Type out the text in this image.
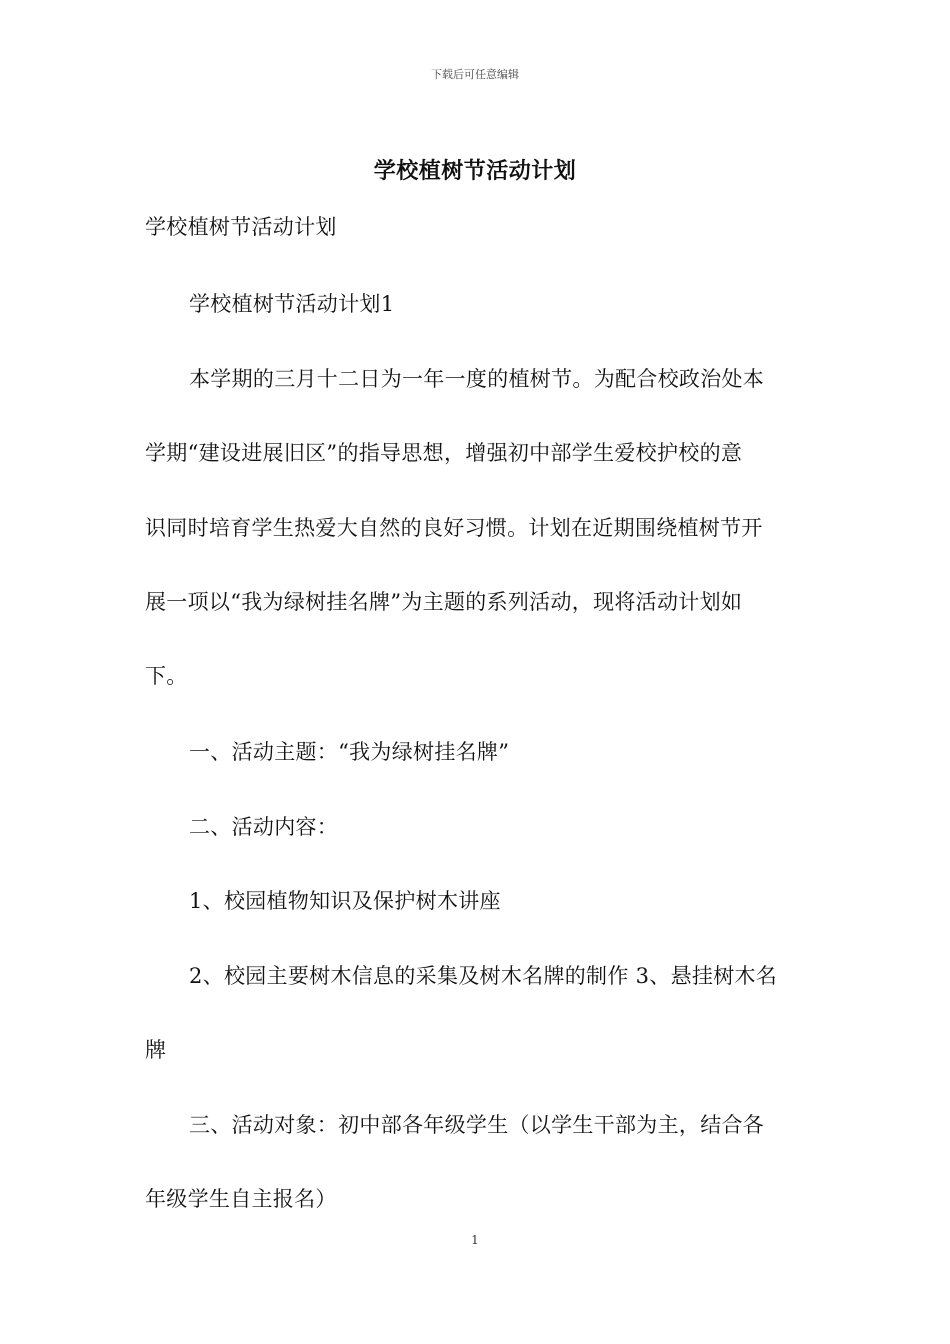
下载后可任意编辑
学校植树节活动计划
学校植树节活动计划
学校植树节活动计划1
本学期的三月十二日为一年一度的植树节。为配合校政治处本
学期“建设进展旧区”的指导思想，增强初中部学生爱校护校的意
识同时培育学生热爱大自然的良好习惯。计划在近期围绕植树节开
展一项以“我为绿树挂名牌”为主题的系列活动，现将活动计划如
下。
一、活动主题：“我为绿树挂名牌”
二、活动内容：
1、校园植物知识及保护树木讲座
2、校园主要树木信息的采集及树木名牌的制作 3、悬挂树木名
牌
三、活动对象：初中部各年级学生（以学生干部为主，结合各
年级学生自主报名）
1
